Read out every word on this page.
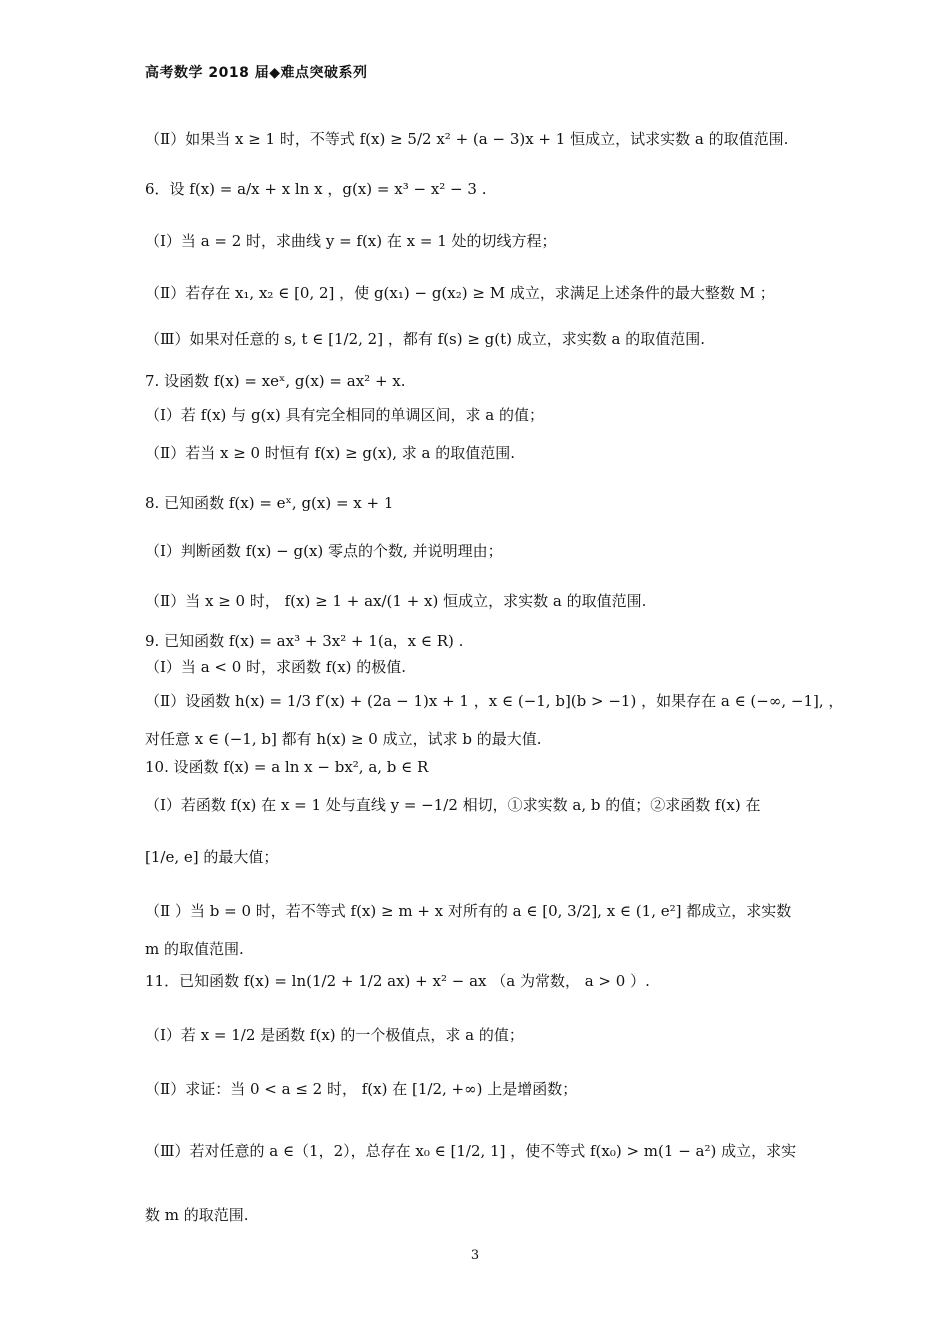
高考数学 2018 届◆难点突破系列
（Ⅱ）如果当 x ≥ 1 时，不等式 f(x) ≥ 5/2 x² + (a − 3)x + 1 恒成立，试求实数 a 的取值范围.
6．设 f(x) = a/x + x ln x ，g(x) = x³ − x² − 3 .
（Ⅰ）当 a = 2 时，求曲线 y = f(x) 在 x = 1 处的切线方程；
（Ⅱ）若存在 x₁, x₂ ∈ [0, 2] ，使 g(x₁) − g(x₂) ≥ M 成立，求满足上述条件的最大整数 M ；
（Ⅲ）如果对任意的 s, t ∈ [1/2, 2] ，都有 f(s) ≥ g(t) 成立，求实数 a 的取值范围.
7. 设函数 f(x) = xeˣ, g(x) = ax² + x.
（Ⅰ）若 f(x) 与 g(x) 具有完全相同的单调区间，求 a 的值；
（Ⅱ）若当 x ≥ 0 时恒有 f(x) ≥ g(x), 求 a 的取值范围.
8. 已知函数 f(x) = eˣ, g(x) = x + 1
（Ⅰ）判断函数 f(x) − g(x) 零点的个数, 并说明理由；
（Ⅱ）当 x ≥ 0 时， f(x) ≥ 1 + ax/(1 + x) 恒成立，求实数 a 的取值范围.
9. 已知函数 f(x) = ax³ + 3x² + 1(a，x ∈ R) .
（Ⅰ）当 a < 0 时，求函数 f(x) 的极值.
（Ⅱ）设函数 h(x) = 1/3 f′(x) + (2a − 1)x + 1 ，x ∈ (−1, b](b > −1) ，如果存在 a ∈ (−∞, −1], ，
对任意 x ∈ (−1, b] 都有 h(x) ≥ 0 成立，试求 b 的最大值.
10. 设函数 f(x) = a ln x − bx², a, b ∈ R
（Ⅰ）若函数 f(x) 在 x = 1 处与直线 y = −1/2 相切，①求实数 a, b 的值；②求函数 f(x) 在
[1/e, e] 的最大值；
（Ⅱ ）当 b = 0 时，若不等式 f(x) ≥ m + x 对所有的 a ∈ [0, 3/2], x ∈ (1, e²] 都成立，求实数
m 的取值范围.
11．已知函数 f(x) = ln(1/2 + 1/2 ax) + x² − ax （a 为常数， a > 0 ）.
（Ⅰ）若 x = 1/2 是函数 f(x) 的一个极值点，求 a 的值；
（Ⅱ）求证：当 0 < a ≤ 2 时， f(x) 在 [1/2, +∞) 上是增函数；
（Ⅲ）若对任意的 a ∈（1，2），总存在 x₀ ∈ [1/2, 1] ，使不等式 f(x₀) > m(1 − a²) 成立，求实
数 m 的取范围.
3
